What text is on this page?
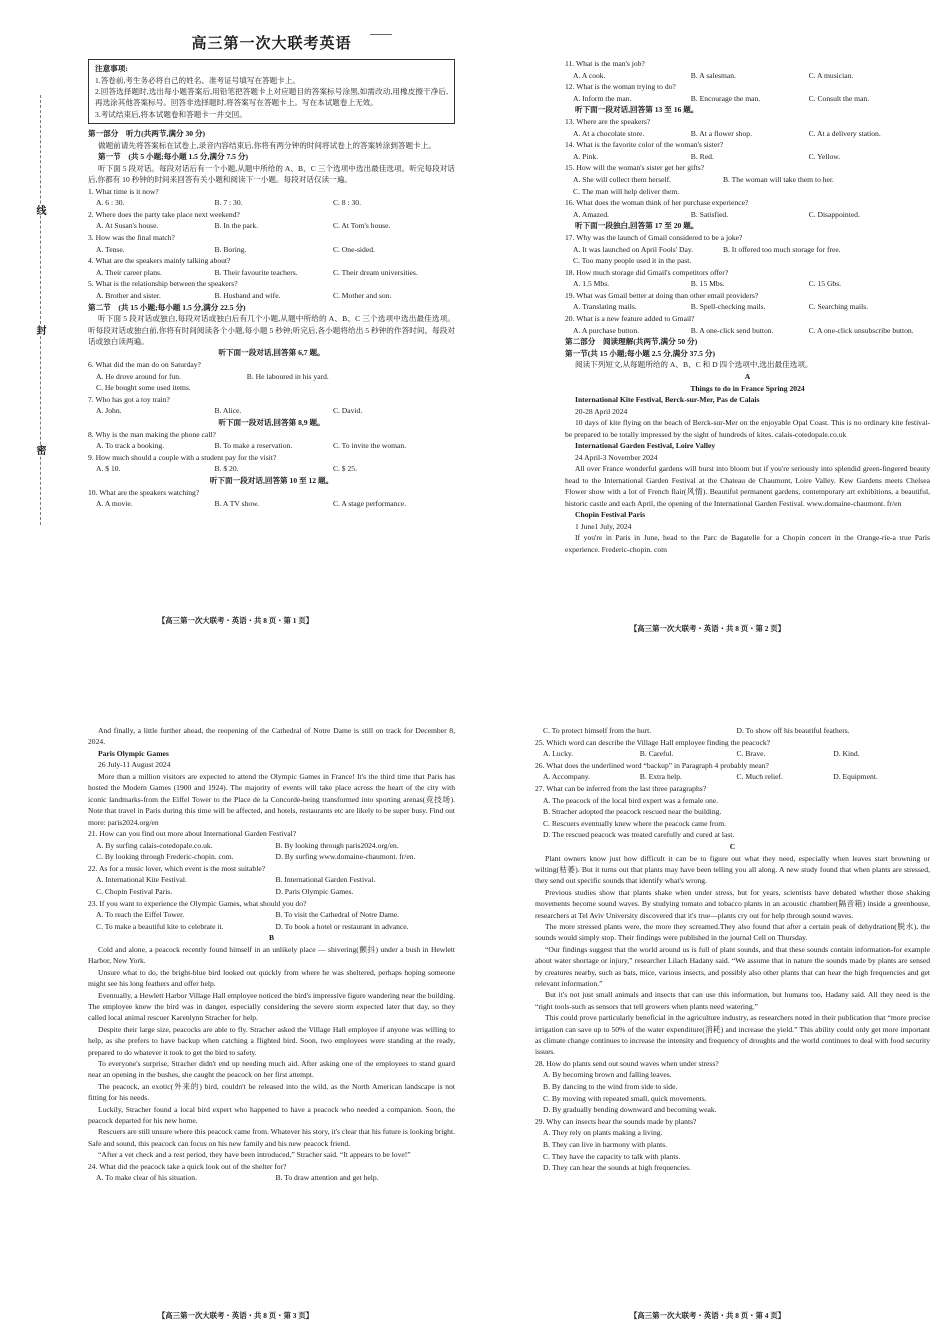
高三第一次大联考英语
注意事项:

1.答卷前,考生务必将自己的姓名、准考证号填写在答题卡上。

2.回答选择题时,选出每小题答案后,用铅笔把答题卡上对应题目的答案标号涂黑,如需改动,用橡皮擦干净后,再选涂其他答案标号。回答非选择题时,将答案写在答题卡上。写在本试题卷上无效。

3.考试结束后,将本试题卷和答题卡一并交回。

第一部分　听力(共两节,满分 30 分)

做题前请先将答案标在试卷上,录音内容结束后,你将有两分钟的时间将试卷上的答案转涂到答题卡上。

第一节　(共 5 小题;每小题 1.5 分,满分 7.5 分)

听下面 5 段对话。每段对话后有一个小题,从题中所给的 A、B、C 三个选项中选出最佳选项。听完每段对话后,你都有 10 秒钟的时间来回答有关小题和阅读下一小题。每段对话仅读一遍。

1. What time is it now?
A. 6 : 30.	B. 7 : 30.	C. 8 : 30.
2. Where does the party take place next weekend?
A. At Susan's house.	B. In the park.	C. At Tom's house.
3. How was the final match?
A. Tense.	B. Boring.	C. One-sided.
4. What are the speakers mainly talking about?
A. Their career plans.	B. Their favourite teachers.	C. Their dream universities.
5. What is the relationship between the speakers?
A. Brother and sister.	B. Husband and wife.	C. Mother and son.
第二节　(共 15 小题;每小题 1.5 分,满分 22.5 分)

听下面 5 段对话或独白,每段对话或独白后有几个小题,从题中所给的 A、B、C 三个选项中选出最佳选项。听每段对话或独白前,你将有时间阅读各个小题,每小题 5 秒钟;听完后,各小题将给出 5 秒钟的作答时间。每段对话或独白读两遍。

听下面一段对话,回答第 6,7 题。
6. What did the man do on Saturday?
A. He drove around for fun.	B. He laboured in his yard.
C. He bought some used items.
7. Who has got a toy train?
A. John.	B. Alice.	C. David.
听下面一段对话,回答第 8,9 题。
8. Why is the man making the phone call?
A. To track a booking.	B. To make a reservation.	C. To invite the woman.
9. How much should a couple with a student pay for the visit?
A. $ 10.	B. $ 20.	C. $ 25.
听下面一段对话,回答第 10 至 12 题。
10. What are the speakers watching?
A. A movie.	B. A TV show.	C. A stage performance.
【高三第一次大联考・英语・共 8 页・第 1 页】
线
封
密
11. What is the man's job?
A. A cook.	B. A salesman.	C. A musician.
12. What is the woman trying to do?
A. Inform the man.	B. Encourage the man.	C. Consult the man.
听下面一段对话,回答第 13 至 16 题。
13. Where are the speakers?
A. At a chocolate store.	B. At a flower shop.	C. At a delivery station.
14. What is the favorite color of the woman's sister?
A. Pink.	B. Red.	C. Yellow.
15. How will the woman's sister get her gifts?
A. She will collect them herself.	B. The woman will take them to her.
C. The man will help deliver them.
16. What does the woman think of her purchase experience?
A. Amazed.	B. Satisfied.	C. Disappointed.
听下面一段独白,回答第 17 至 20 题。
17. Why was the launch of Gmail considered to be a joke?
A. It was launched on April Fools' Day.	B. It offered too much storage for free.
C. Too many people used it in the past.
18. How much storage did Gmail's competitors offer?
A. 1.5 Mbs.	B. 15 Mbs.	C. 15 Gbs.
19. What was Gmail better at doing than other email providers?
A. Translating mails.	B. Spell-checking mails.	C. Searching mails.
20. What is a new feature added to Gmail?
A. A purchase button.	B. A one-click send button.	C. A one-click unsubscribe button.
第二部分　阅读理解(共两节,满分 50 分)
第一节(共 15 小题;每小题 2.5 分,满分 37.5 分)
阅读下列短文,从每题所给的 A、B、C 和 D 四个选项中,选出最佳选项。
A
Things to do in France Spring 2024
International Kite Festival, Berck-sur-Mer, Pas de Calais
20-28 April 2024

10 days of kite flying on the beach of Berck-sur-Mer on the enjoyable Opal Coast. This is no ordinary kite festival-be prepared to be totally impressed by the sight of hundreds of kites. calais-cotedopale.co.uk

International Garden Festival, Loire Valley
24 April-3 November 2024

All over France wonderful gardens will burst into bloom but if you're seriously into splendid green-fingered beauty head to the International Garden Festival at the Chateau de Chaumont, Loire Valley. Kew Gardens meets Chelsea Flower show with a lot of French flair(风情). Beautiful permanent gardens, contemporary art exhibitions, a beautiful, historic castle and each April, the opening of the International Garden Festival. www.domaine-chaumont. fr/en

Chopin Festival Paris
1 June1 July, 2024

If you're in Paris in June, head to the Parc de Bagatelle for a Chopin concert in the Orange-rie-a true Paris experience. Frederic-chopin. com

【高三第一次大联考・英语・共 8 页・第 2 页】

And finally, a little further ahead, the reopening of the Cathedral of Notre Dame is still on track for December 8, 2024.

Paris Olympic Games
26 July-11 August 2024

More than a million visitors are expected to attend the Olympic Games in France! It's the third time that Paris has hosted the Modern Games (1900 and 1924). The majority of events will take place across the heart of the city with iconic landmarks-from the Eiffel Tower to the Place de la Concorde-being transformed into sporting arenas(竞技场). Note that travel in Paris during this time will be affected, and hotels, restaurants etc are likely to be super busy. Find out more: paris2024.org/en

21. How can you find out more about International Garden Festival?
A. By surfing calais-cotedopale.co.uk.	B. By looking through paris2024.org/en.
C. By looking through Frederic-chopin. com.	D. By surfing www.domaine-chaumont. fr/en.
22. As for a music lover, which event is the most suitable?
A. International Kite Festival.	B. International Garden Festival.
C. Chopin Festival Paris.	D. Paris Olympic Games.
23. If you want to experience the Olympic Games, what should you do?
A. To reach the Eiffel Tower.	B. To visit the Cathedral of Notre Dame.
C. To make a beautiful kite to celebrate it.	D. To book a hotel or restaurant in advance.
B

Cold and alone, a peacock recently found himself in an unlikely place — shivering(颤抖) under a bush in Hewlett Harbor, New York.

Unsure what to do, the bright-blue bird looked out quickly from where he was sheltered, perhaps hoping someone might see his long feathers and offer help.

Eventually, a Hewlett Harbor Village Hall employee noticed the bird's impressive figure wandering near the building. The employee knew the bird was in danger, especially considering the severe storm expected later that day, so they called local animal rescuer Karenlynn Stracher for help.

Despite their large size, peacocks are able to fly. Stracher asked the Village Hall employee if anyone was willing to help, as she prefers to have backup when catching a flighted bird. Soon, two employees were standing at the ready, prepared to do whatever it took to get the bird to safety.

To everyone's surprise, Stracher didn't end up needing much aid. After asking one of the employees to stand guard near an opening in the bushes, she caught the peacock on her first attempt.

The peacock, an exotic(外来的) bird, couldn't be released into the wild, as the North American landscape is not fitting for his needs.

Luckily, Stracher found a local bird expert who happened to have a peacock who needed a companion. Soon, the peacock departed for his new home.

Rescuers are still unsure where this peacock came from. Whatever his story, it's clear that his future is looking bright. Safe and sound, this peacock can focus on his new family and his new peacock friend.

“After a vet check and a rest period, they have been introduced,” Stracher said. “It appears to be love!”

24. What did the peacock take a quick look out of the shelter for?
A. To make clear of his situation.	B. To draw attention and get help.
【高三第一次大联考・英语・共 8 页・第 3 页】
C. To protect himself from the hurt.	D. To show off his beautiful feathers.
25. Which word can describe the Village Hall employee finding the peacock?
A. Lucky.	B. Careful.	C. Brave.	D. Kind.
26. What does the underlined word “backup” in Paragraph 4 probably mean?
A. Accompany.	B. Extra help.	C. Much relief.	D. Equipment.
27. What can be inferred from the last three paragraphs?
A. The peacock of the local bird expert was a female one.
B. Stracher adopted the peacock rescued near the building.
C. Rescuers eventually knew where the peacock came from.
D. The rescued peacock was treated carefully and cured at last.
C

Plant owners know just how difficult it can be to figure out what they need, especially when leaves start browning or wilting(枯萎). But it turns out that plants may have been telling you all along. A new study found that when plants are stressed, they send out specific sounds that identify what's wrong.

Previous studies show that plants shake when under stress, but for years, scientists have debated whether those shaking movements become sound waves. By studying tomato and tobacco plants in an acoustic chamber(隔音箱) inside a greenhouse, researchers at Tel Aviv University discovered that it's true—plants cry out for help through sound waves.

The more stressed plants were, the more they screamed.They also found that after a certain peak of dehydration(脱水), the sounds would simply stop. Their findings were published in the journal Cell on Thursday.

“Our findings suggest that the world around us is full of plant sounds, and that these sounds contain information-for example about water shortage or injury,” researcher Lilach Hadany said. “We assume that in nature the sounds made by plants are sensed by creatures nearby, such as bats, mice, various insects, and possibly also other plants that can hear the high frequencies and get relevant information.”

But it's not just small animals and insects that can use this information, but humans too, Hadany said. All they need is the “right tools-such as sensors that tell growers when plants need watering.”

This could prove particularly beneficial in the agriculture industry, as researchers noted in their publication that “more precise irrigation can save up to 50% of the water expenditure(消耗) and increase the yield.” This ability could only get more important as climate change continues to increase the intensity and frequency of droughts and the world continues to deal with food security issues.

28. How do plants send out sound waves when under stress?
A. By becoming brown and falling leaves.
B. By dancing to the wind from side to side.
C. By moving with repeated small, quick movements.
D. By gradually bending downward and becoming weak.
29. Why can insects hear the sounds made by plants?
A. They rely on plants making a living.
B. They can live in harmony with plants.
C. They have the capacity to talk with plants.
D. They can hear the sounds at high frequencies.
【高三第一次大联考・英语・共 8 页・第 4 页】
